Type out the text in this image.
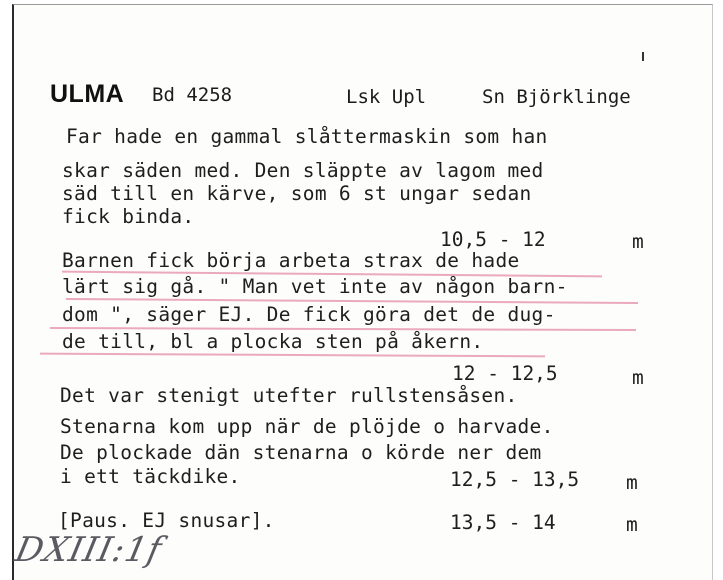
ULMA Bd 4258	Lsk Upl	Sn Björklinge
Far hade en gammal slåttermaskin som han
skar säden med. Den släppte av lagom med
säd till en kärve, som 6 st ungar sedan
fick binda.
10,5 - 12	m
Barnen fick börja arbeta strax de hade
lärt sig gå. " Man vet inte av någon barn-
dom ", säger EJ. De fick göra det de dug-
de till, bl a plocka sten på åkern.
12 - 12,5	m
Det var stenigt utefter rullstensåsen.
Stenarna kom upp när de plöjde o harvade.
De plockade dän stenarna o körde ner dem
i ett täckdike.	12,5 - 13,5 m
[Paus. EJ snusar].	13,5 - 14	m
DXIII:1f
